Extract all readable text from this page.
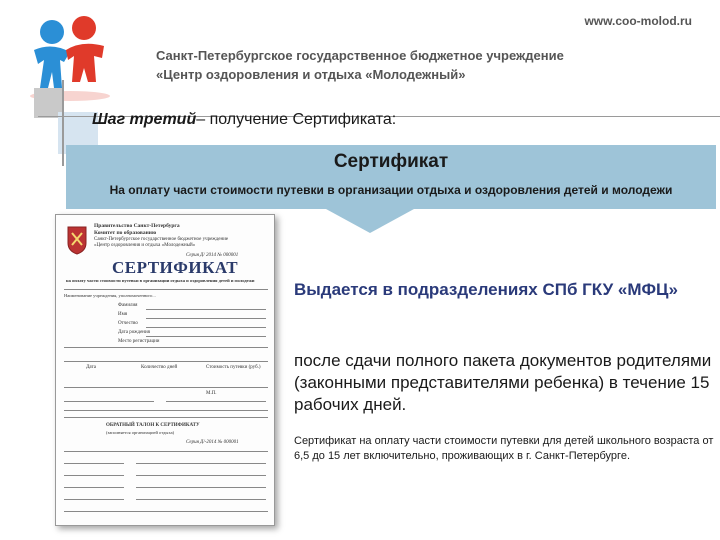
www.coo-molod.ru
Санкт-Петербургское государственное бюджетное учреждение
«Центр оздоровления и отдыха «Молодежный»
Шаг третий– получение Сертификата:
Сертификат
На оплату части стоимости путевки в организации отдыха и оздоровления детей и молодежи
Правительство Санкт-Петербурга
Комитет по образованию
Санкт-Петербургское государственное бюджетное учреждение
«Центр оздоровления и отдыха «Молодежный»
Серия Д/ 2014 № 000001
СЕРТИФИКАТ
на оплату части стоимости путевки в организации отдыха и оздоровления детей и молодежи
Наименование учреждения, уполномоченного...
Фамилия
Имя
Отчество
Дата рождения
Место регистрации
Дата	Количество дней	Стоимость путевки (руб.)
М.П.
ОБРАТНЫЙ ТАЛОН К СЕРТИФИКАТУ
(заполняется организацией отдыха)
Серия Д/-2014 № 000001
Выдается в подразделениях СПб ГКУ «МФЦ»
после сдачи полного пакета документов родителями (законными представителями ребенка) в течение 15 рабочих дней.
Сертификат на оплату части стоимости путевки для детей школьного возраста от 6,5 до 15 лет включительно, проживающих в г. Санкт-Петербурге.
